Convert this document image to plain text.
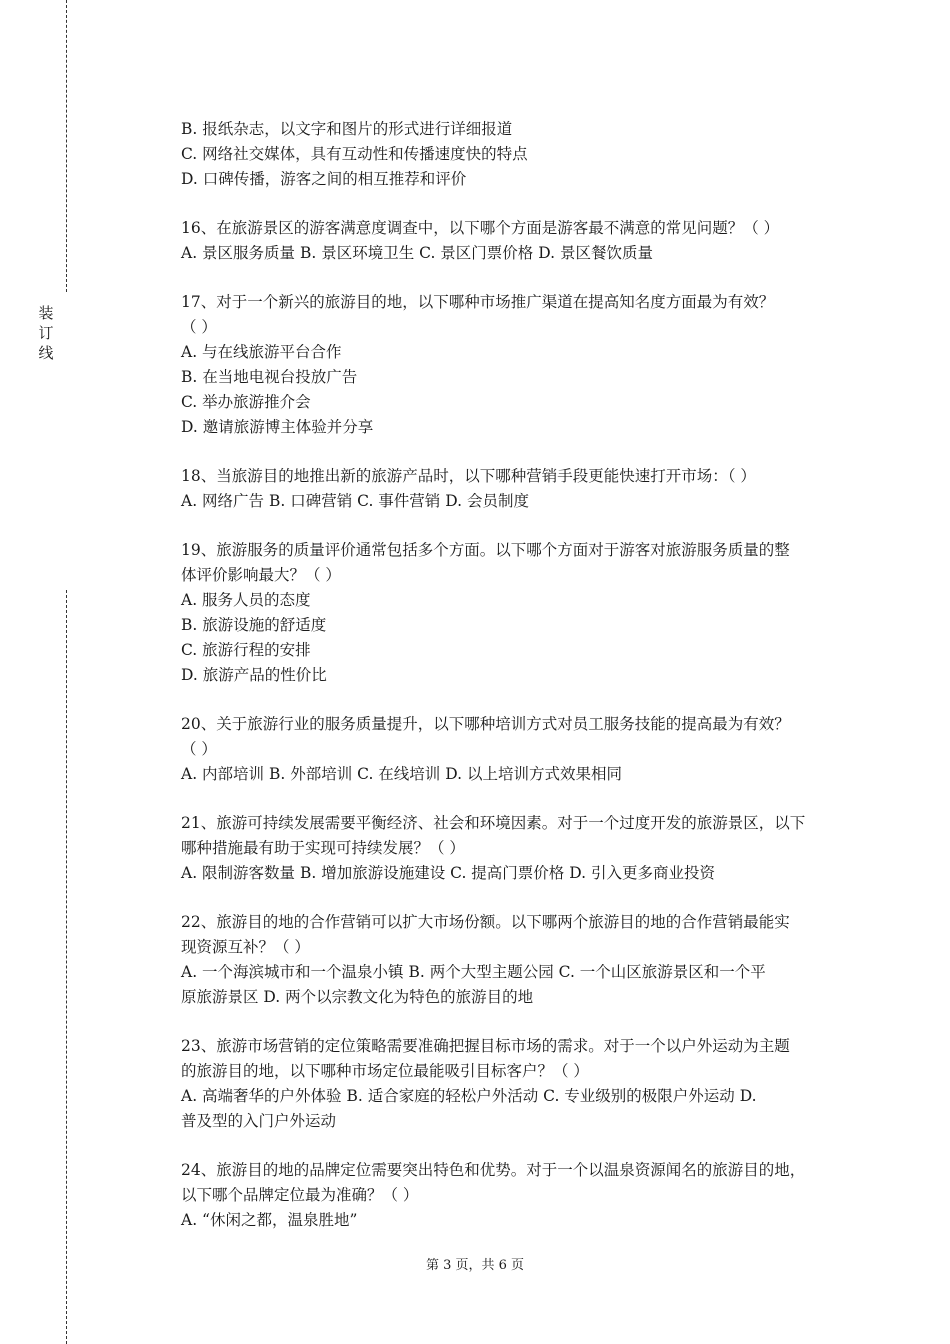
装
订
线
B. 报纸杂志，以文字和图片的形式进行详细报道
C. 网络社交媒体，具有互动性和传播速度快的特点
D. 口碑传播，游客之间的相互推荐和评价
16、在旅游景区的游客满意度调查中，以下哪个方面是游客最不满意的常见问题？（ ）
A. 景区服务质量 B. 景区环境卫生 C. 景区门票价格 D. 景区餐饮质量
17、对于一个新兴的旅游目的地，以下哪种市场推广渠道在提高知名度方面最为有效？
（ ）
A. 与在线旅游平台合作
B. 在当地电视台投放广告
C. 举办旅游推介会
D. 邀请旅游博主体验并分享
18、当旅游目的地推出新的旅游产品时，以下哪种营销手段更能快速打开市场：（ ）
A. 网络广告 B. 口碑营销 C. 事件营销 D. 会员制度
19、旅游服务的质量评价通常包括多个方面。以下哪个方面对于游客对旅游服务质量的整
体评价影响最大？（ ）
A. 服务人员的态度
B. 旅游设施的舒适度
C. 旅游行程的安排
D. 旅游产品的性价比
20、关于旅游行业的服务质量提升，以下哪种培训方式对员工服务技能的提高最为有效？
（ ）
A. 内部培训 B. 外部培训 C. 在线培训 D. 以上培训方式效果相同
21、旅游可持续发展需要平衡经济、社会和环境因素。对于一个过度开发的旅游景区，以下
哪种措施最有助于实现可持续发展？（ ）
A. 限制游客数量 B. 增加旅游设施建设 C. 提高门票价格 D. 引入更多商业投资
22、旅游目的地的合作营销可以扩大市场份额。以下哪两个旅游目的地的合作营销最能实
现资源互补？（ ）
A. 一个海滨城市和一个温泉小镇 B. 两个大型主题公园 C. 一个山区旅游景区和一个平
原旅游景区 D. 两个以宗教文化为特色的旅游目的地
23、旅游市场营销的定位策略需要准确把握目标市场的需求。对于一个以户外运动为主题
的旅游目的地，以下哪种市场定位最能吸引目标客户？（ ）
A. 高端奢华的户外体验 B. 适合家庭的轻松户外活动 C. 专业级别的极限户外运动 D.
普及型的入门户外运动
24、旅游目的地的品牌定位需要突出特色和优势。对于一个以温泉资源闻名的旅游目的地，
以下哪个品牌定位最为准确？（ ）
A. “休闲之都，温泉胜地”
第 3 页，共 6 页
